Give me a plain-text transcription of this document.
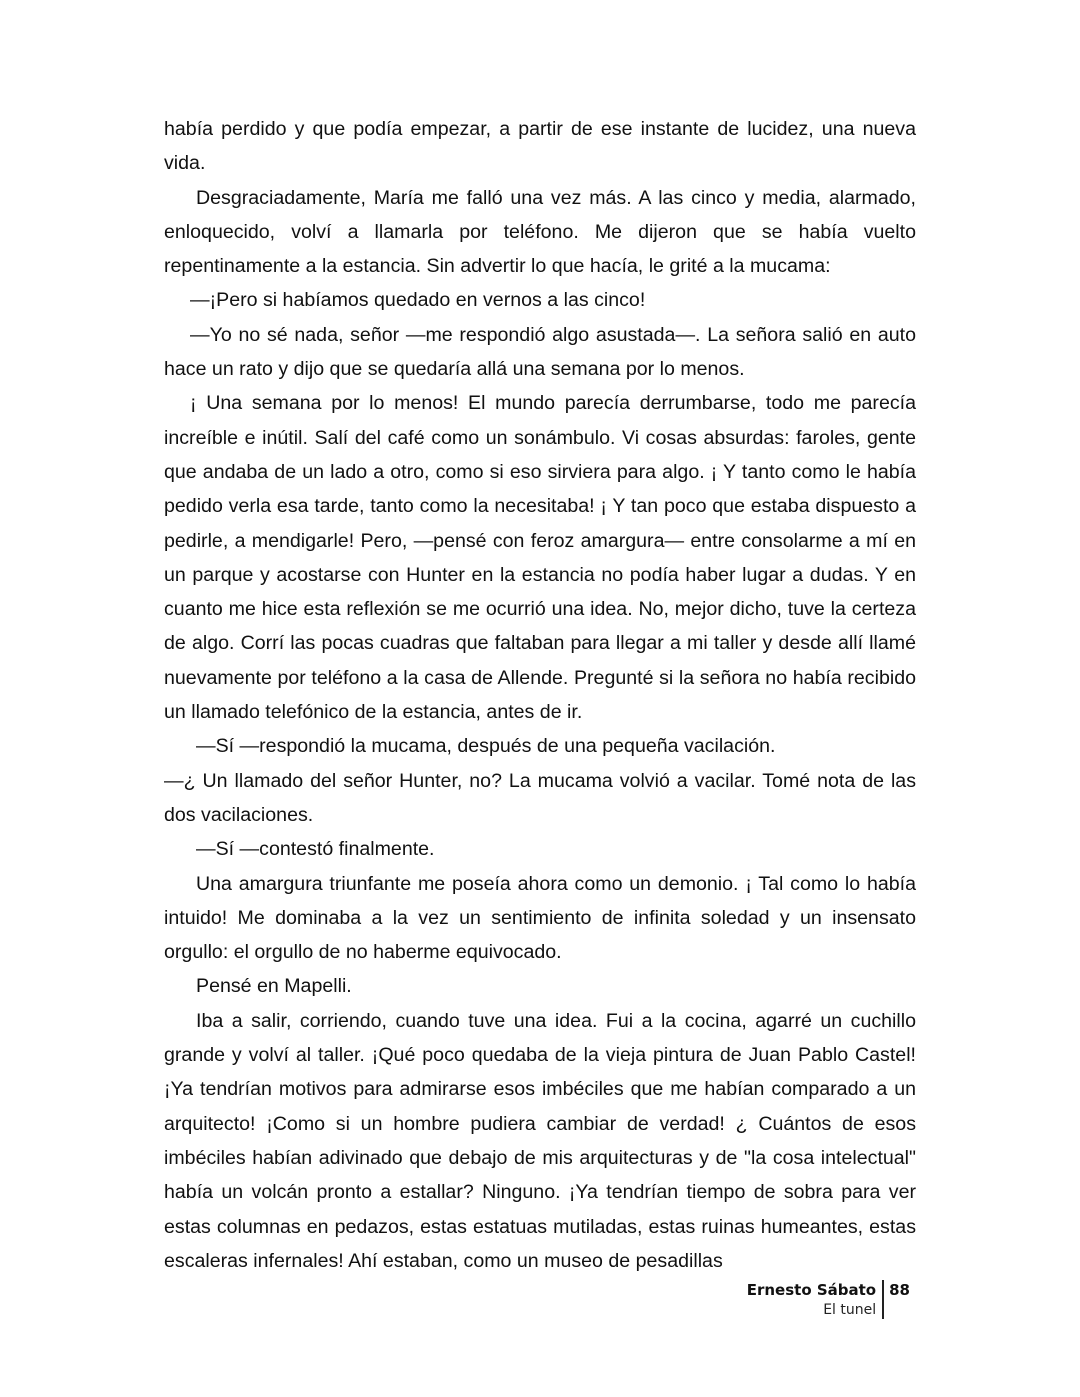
había perdido y que podía empezar, a partir de ese instante de lucidez, una nueva vida.

Desgraciadamente, María me falló una vez más. A las cinco y media, alarmado, enloquecido, volví a llamarla por teléfono. Me dijeron que se había vuelto repentinamente a la estancia. Sin advertir lo que hacía, le grité a la mucama:

—¡Pero si habíamos quedado en vernos a las cinco!

—Yo no sé nada, señor —me respondió algo asustada—. La señora salió en auto hace un rato y dijo que se quedaría allá una semana por lo menos.

¡ Una semana por lo menos! El mundo parecía derrumbarse, todo me parecía increíble e inútil. Salí del café como un sonámbulo. Vi cosas absurdas: faroles, gente que andaba de un lado a otro, como si eso sirviera para algo. ¡ Y tanto como le había pedido verla esa tarde, tanto como la necesitaba! ¡ Y tan poco que estaba dispuesto a pedirle, a mendigarle! Pero, —pensé con feroz amargura— entre consolarme a mí en un parque y acostarse con Hunter en la estancia no podía haber lugar a dudas. Y en cuanto me hice esta reflexión se me ocurrió una idea. No, mejor dicho, tuve la certeza de algo. Corrí las pocas cuadras que faltaban para llegar a mi taller y desde allí llamé nuevamente por teléfono a la casa de Allende. Pregunté si la señora no había recibido un llamado telefónico de la estancia, antes de ir.

—Sí —respondió la mucama, después de una pequeña vacilación.

—¿ Un llamado del señor Hunter, no? La mucama volvió a vacilar. Tomé nota de las dos vacilaciones.

—Sí —contestó finalmente.

Una amargura triunfante me poseía ahora como un demonio. ¡ Tal como lo había intuido! Me dominaba a la vez un sentimiento de infinita soledad y un insensato orgullo: el orgullo de no haberme equivocado.

Pensé en Mapelli.

Iba a salir, corriendo, cuando tuve una idea. Fui a la cocina, agarré un cuchillo grande y volví al taller. ¡Qué poco quedaba de la vieja pintura de Juan Pablo Castel! ¡Ya tendrían motivos para admirarse esos imbéciles que me habían comparado a un arquitecto! ¡Como si un hombre pudiera cambiar de verdad! ¿ Cuántos de esos imbéciles habían adivinado que debajo de mis arquitecturas y de "la cosa intelectual" había un volcán pronto a estallar? Ninguno. ¡Ya tendrían tiempo de sobra para ver estas columnas en pedazos, estas estatuas mutiladas, estas ruinas humeantes, estas escaleras infernales! Ahí estaban, como un museo de pesadillas

Ernesto Sábato
El tunel
88
